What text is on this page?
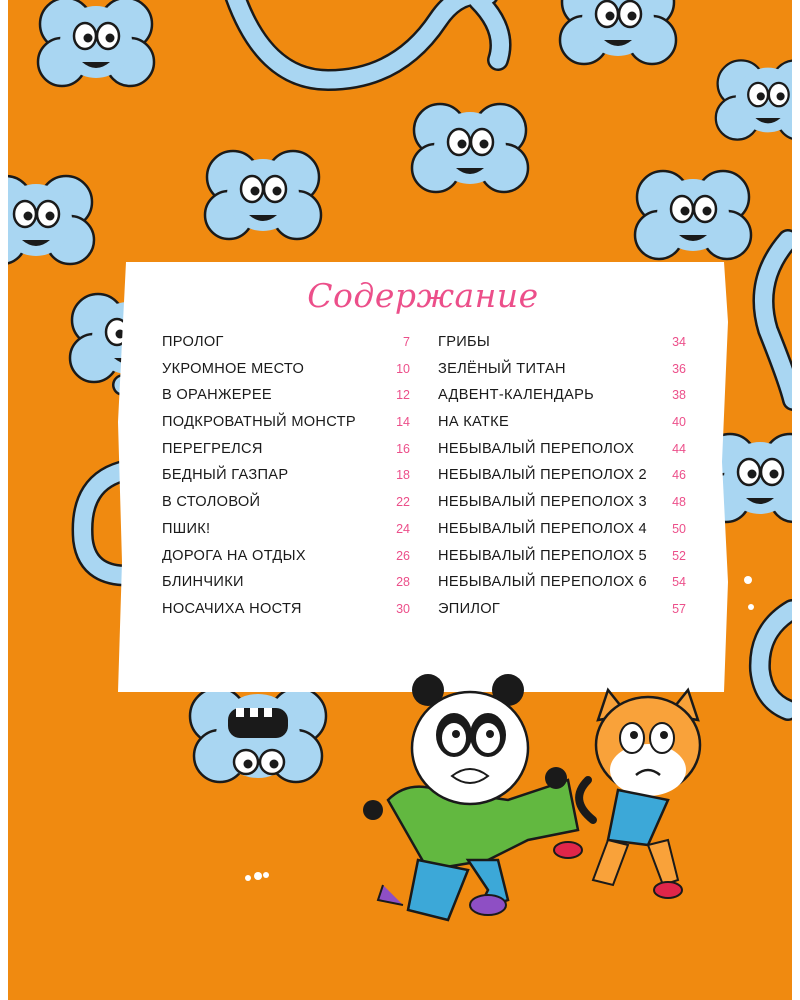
Содержание
ПРОЛОГ	7
УКРОМНОЕ МЕСТО	10
В ОРАНЖЕРЕЕ	12
ПОДКРОВАТНЫЙ МОНСТР	14
ПЕРЕГРЕЛСЯ	16
БЕДНЫЙ ГАЗПАР	18
В СТОЛОВОЙ	22
ПШИК!	24
ДОРОГА НА ОТДЫХ	26
БЛИНЧИКИ	28
НОСАЧИХА НОСТЯ	30
ГРИБЫ	34
ЗЕЛЁНЫЙ ТИТАН	36
АДВЕНТ-КАЛЕНДАРЬ	38
НА КАТКЕ	40
НЕБЫВАЛЫЙ ПЕРЕПОЛОХ	44
НЕБЫВАЛЫЙ ПЕРЕПОЛОХ 2 46
НЕБЫВАЛЫЙ ПЕРЕПОЛОХ 3 48
НЕБЫВАЛЫЙ ПЕРЕПОЛОХ 4 50
НЕБЫВАЛЫЙ ПЕРЕПОЛОХ 5 52
НЕБЫВАЛЫЙ ПЕРЕПОЛОХ 6 54
ЭПИЛОГ	57
